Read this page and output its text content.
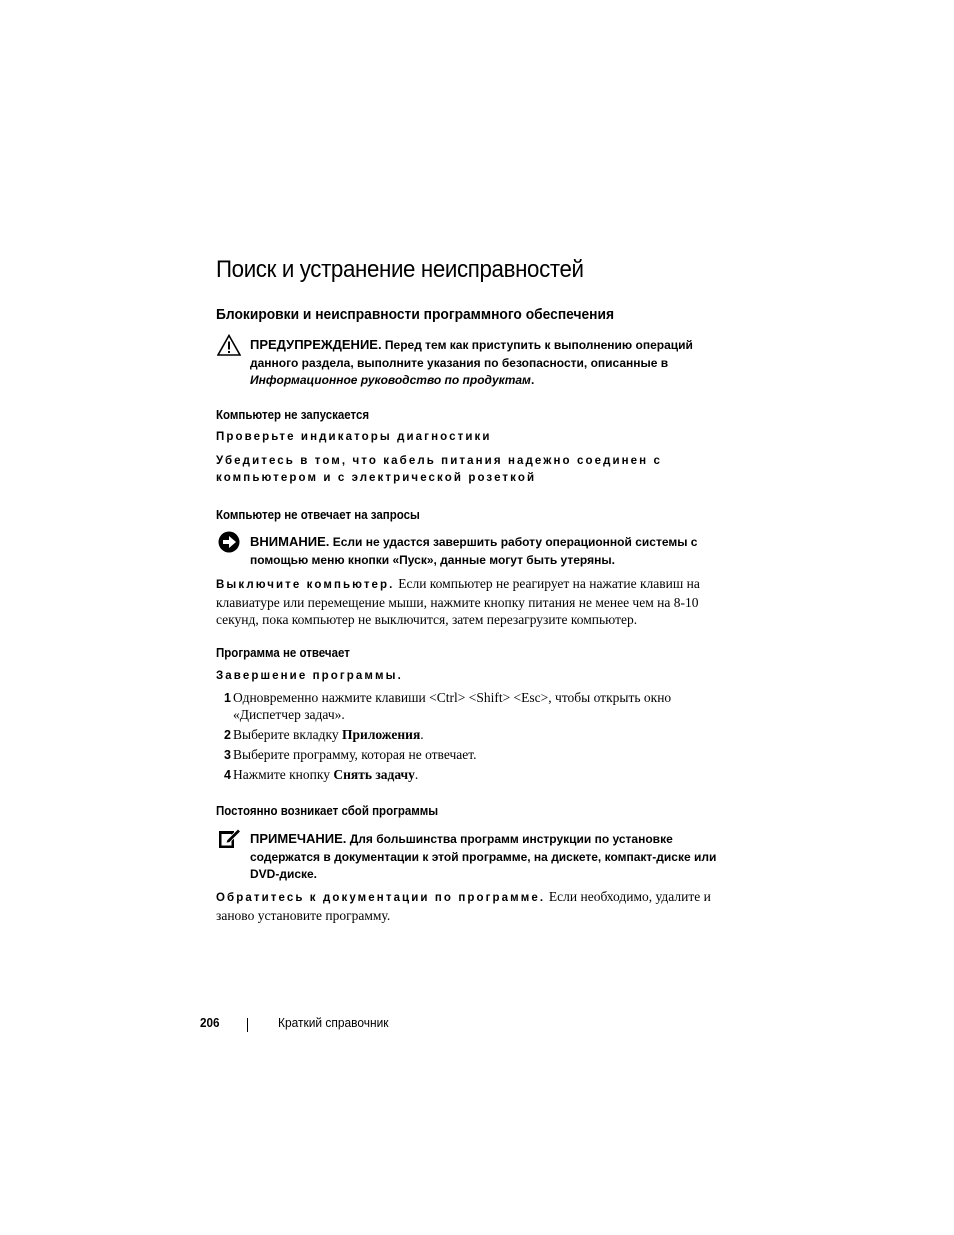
Поиск и устранение неисправностей
Блокировки и неисправности программного обеспечения
ПРЕДУПРЕЖДЕНИЕ. Перед тем как приступить к выполнению операций
данного раздела, выполните указания по безопасности, описанные в
Информационное руководство по продуктам.
Компьютер не запускается
Проверьте индикаторы диагностики
Убедитесь в том, что кабель питания надежно соединен с
компьютером и с электрической розеткой
Компьютер не отвечает на запросы
ВНИМАНИЕ. Если не удастся завершить работу операционной системы с
помощью меню кнопки «Пуск», данные могут быть утеряны.
Выключите компьютер. Если компьютер не реагирует на нажатие клавиш на
клавиатуре или перемещение мыши, нажмите кнопку питания не менее чем на 8-10
секунд, пока компьютер не выключится, затем перезагрузите компьютер.
Программа не отвечает
Завершение программы.
1 Одновременно нажмите клавиши <Ctrl> <Shift> <Esc>, чтобы открыть окно
«Диспетчер задач».
2 Выберите вкладку Приложения.
3 Выберите программу, которая не отвечает.
4 Нажмите кнопку Снять задачу.
Постоянно возникает сбой программы
ПРИМЕЧАНИЕ. Для большинства программ инструкции по установке
содержатся в документации к этой программе, на дискете, компакт-диске или
DVD-диске.
Обратитесь к документации по программе. Если необходимо, удалите и
заново установите программу.
206	Краткий справочник
